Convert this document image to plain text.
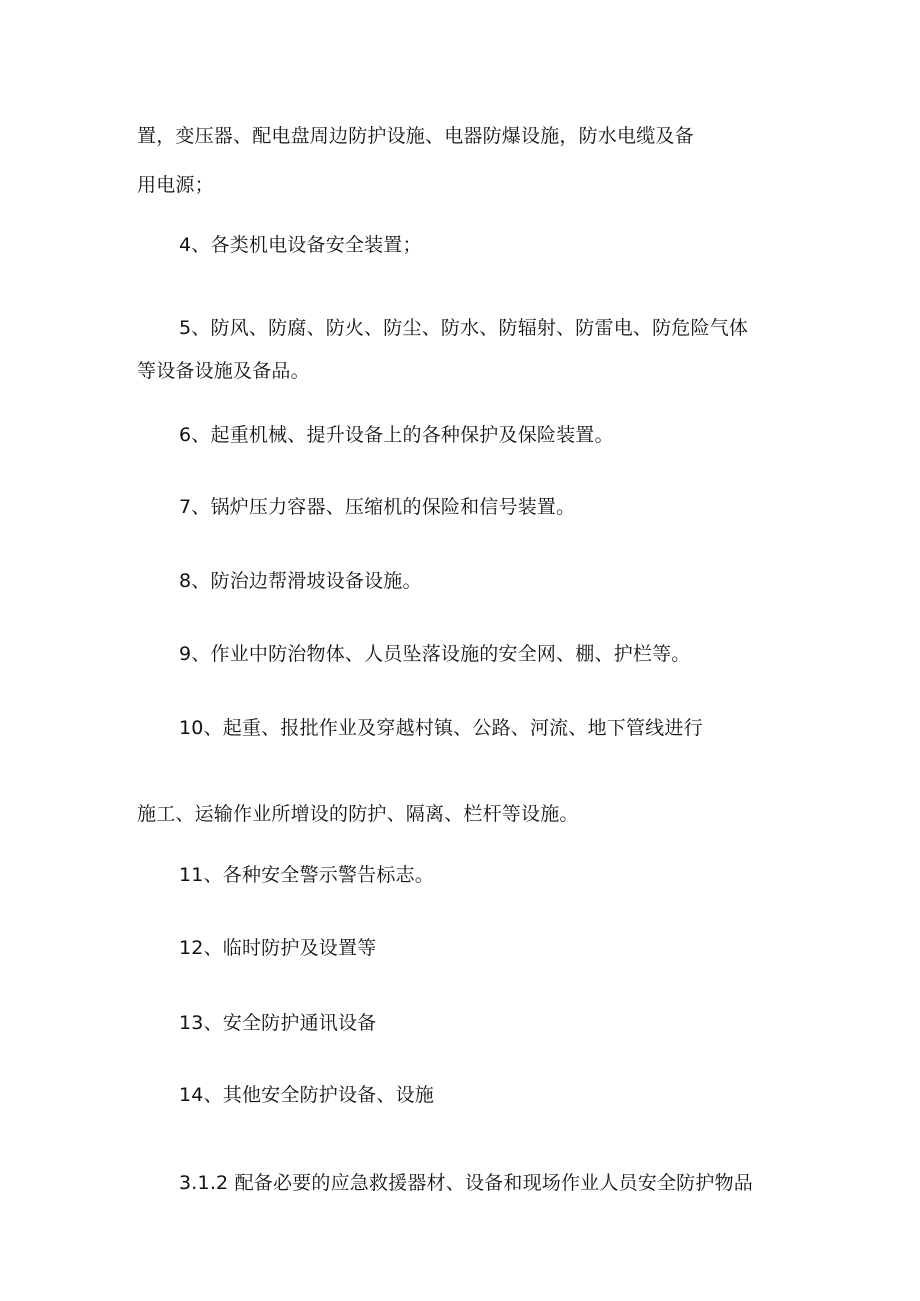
置，变压器、配电盘周边防护设施、电器防爆设施，防水电缆及备
用电源；
4、各类机电设备安全装置；
5、防风、防腐、防火、防尘、防水、防辐射、防雷电、防危险气体
等设备设施及备品。
6、起重机械、提升设备上的各种保护及保险装置。
7、锅炉压力容器、压缩机的保险和信号装置。
8、防治边帮滑坡设备设施。
9、作业中防治物体、人员坠落设施的安全网、棚、护栏等。
10、起重、报批作业及穿越村镇、公路、河流、地下管线进行
施工、运输作业所增设的防护、隔离、栏杆等设施。
11、各种安全警示警告标志。
12、临时防护及设置等
13、安全防护通讯设备
14、其他安全防护设备、设施
3.1.2 配备必要的应急救援器材、设备和现场作业人员安全防护物品
